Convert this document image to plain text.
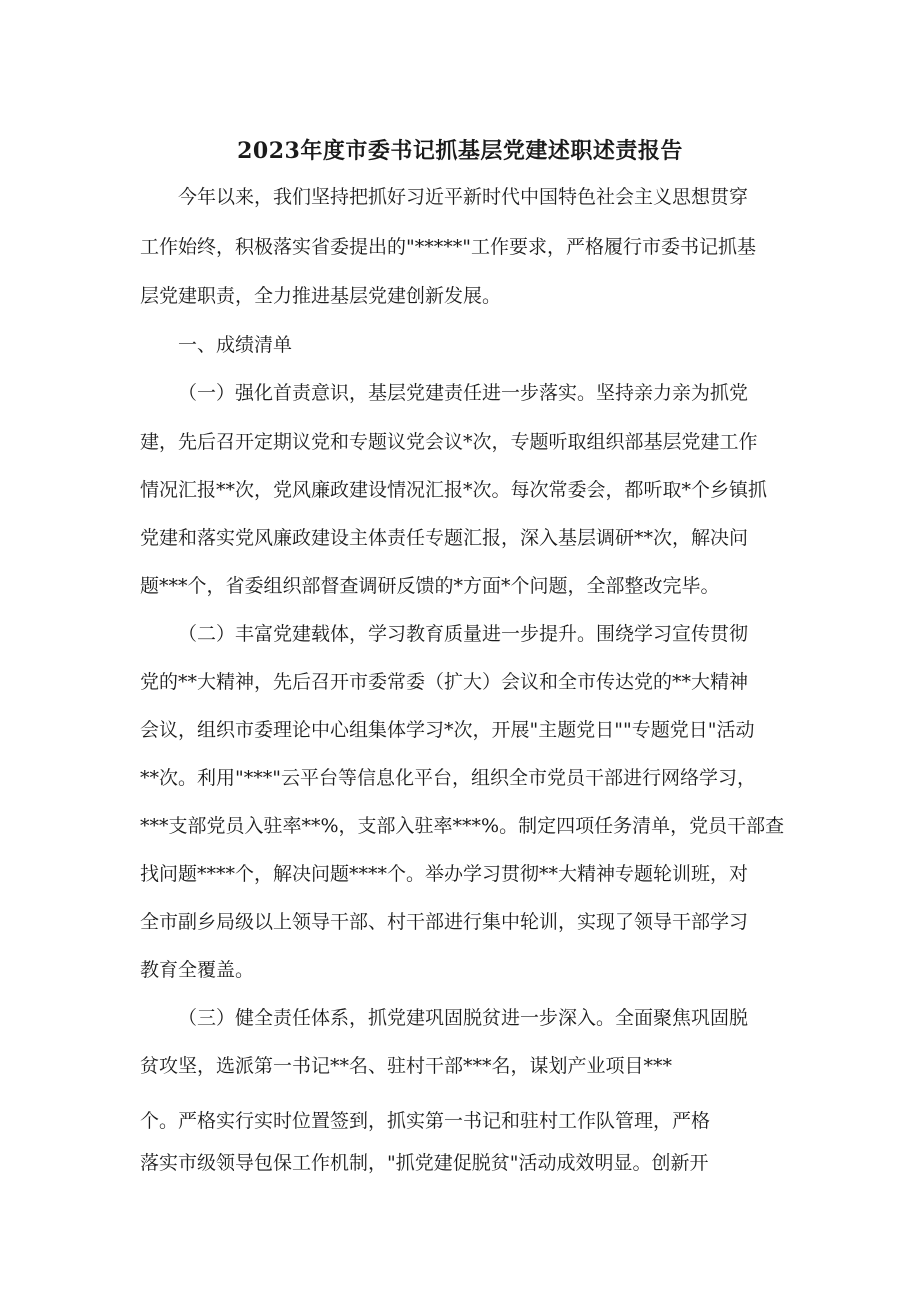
2023年度市委书记抓基层党建述职述责报告
今年以来，我们坚持把抓好习近平新时代中国特色社会主义思想贯穿
工作始终，积极落实省委提出的"*****"工作要求，严格履行市委书记抓基
层党建职责，全力推进基层党建创新发展。
一、成绩清单
（一）强化首责意识，基层党建责任进一步落实。坚持亲力亲为抓党
建，先后召开定期议党和专题议党会议*次，专题听取组织部基层党建工作
情况汇报**次，党风廉政建设情况汇报*次。每次常委会，都听取*个乡镇抓
党建和落实党风廉政建设主体责任专题汇报，深入基层调研**次，解决问
题***个，省委组织部督查调研反馈的*方面*个问题，全部整改完毕。
（二）丰富党建载体，学习教育质量进一步提升。围绕学习宣传贯彻
党的**大精神，先后召开市委常委（扩大）会议和全市传达党的**大精神
会议，组织市委理论中心组集体学习*次，开展"主题党日""专题党日"活动
**次。利用"***"云平台等信息化平台，组织全市党员干部进行网络学习，
***支部党员入驻率**%，支部入驻率***%。制定四项任务清单，党员干部查
找问题****个，解决问题****个。举办学习贯彻**大精神专题轮训班，对
全市副乡局级以上领导干部、村干部进行集中轮训，实现了领导干部学习
教育全覆盖。
（三）健全责任体系，抓党建巩固脱贫进一步深入。全面聚焦巩固脱
贫攻坚，选派第一书记**名、驻村干部***名，谋划产业项目***
个。严格实行实时位置签到，抓实第一书记和驻村工作队管理，严格
落实市级领导包保工作机制，"抓党建促脱贫"活动成效明显。创新开
